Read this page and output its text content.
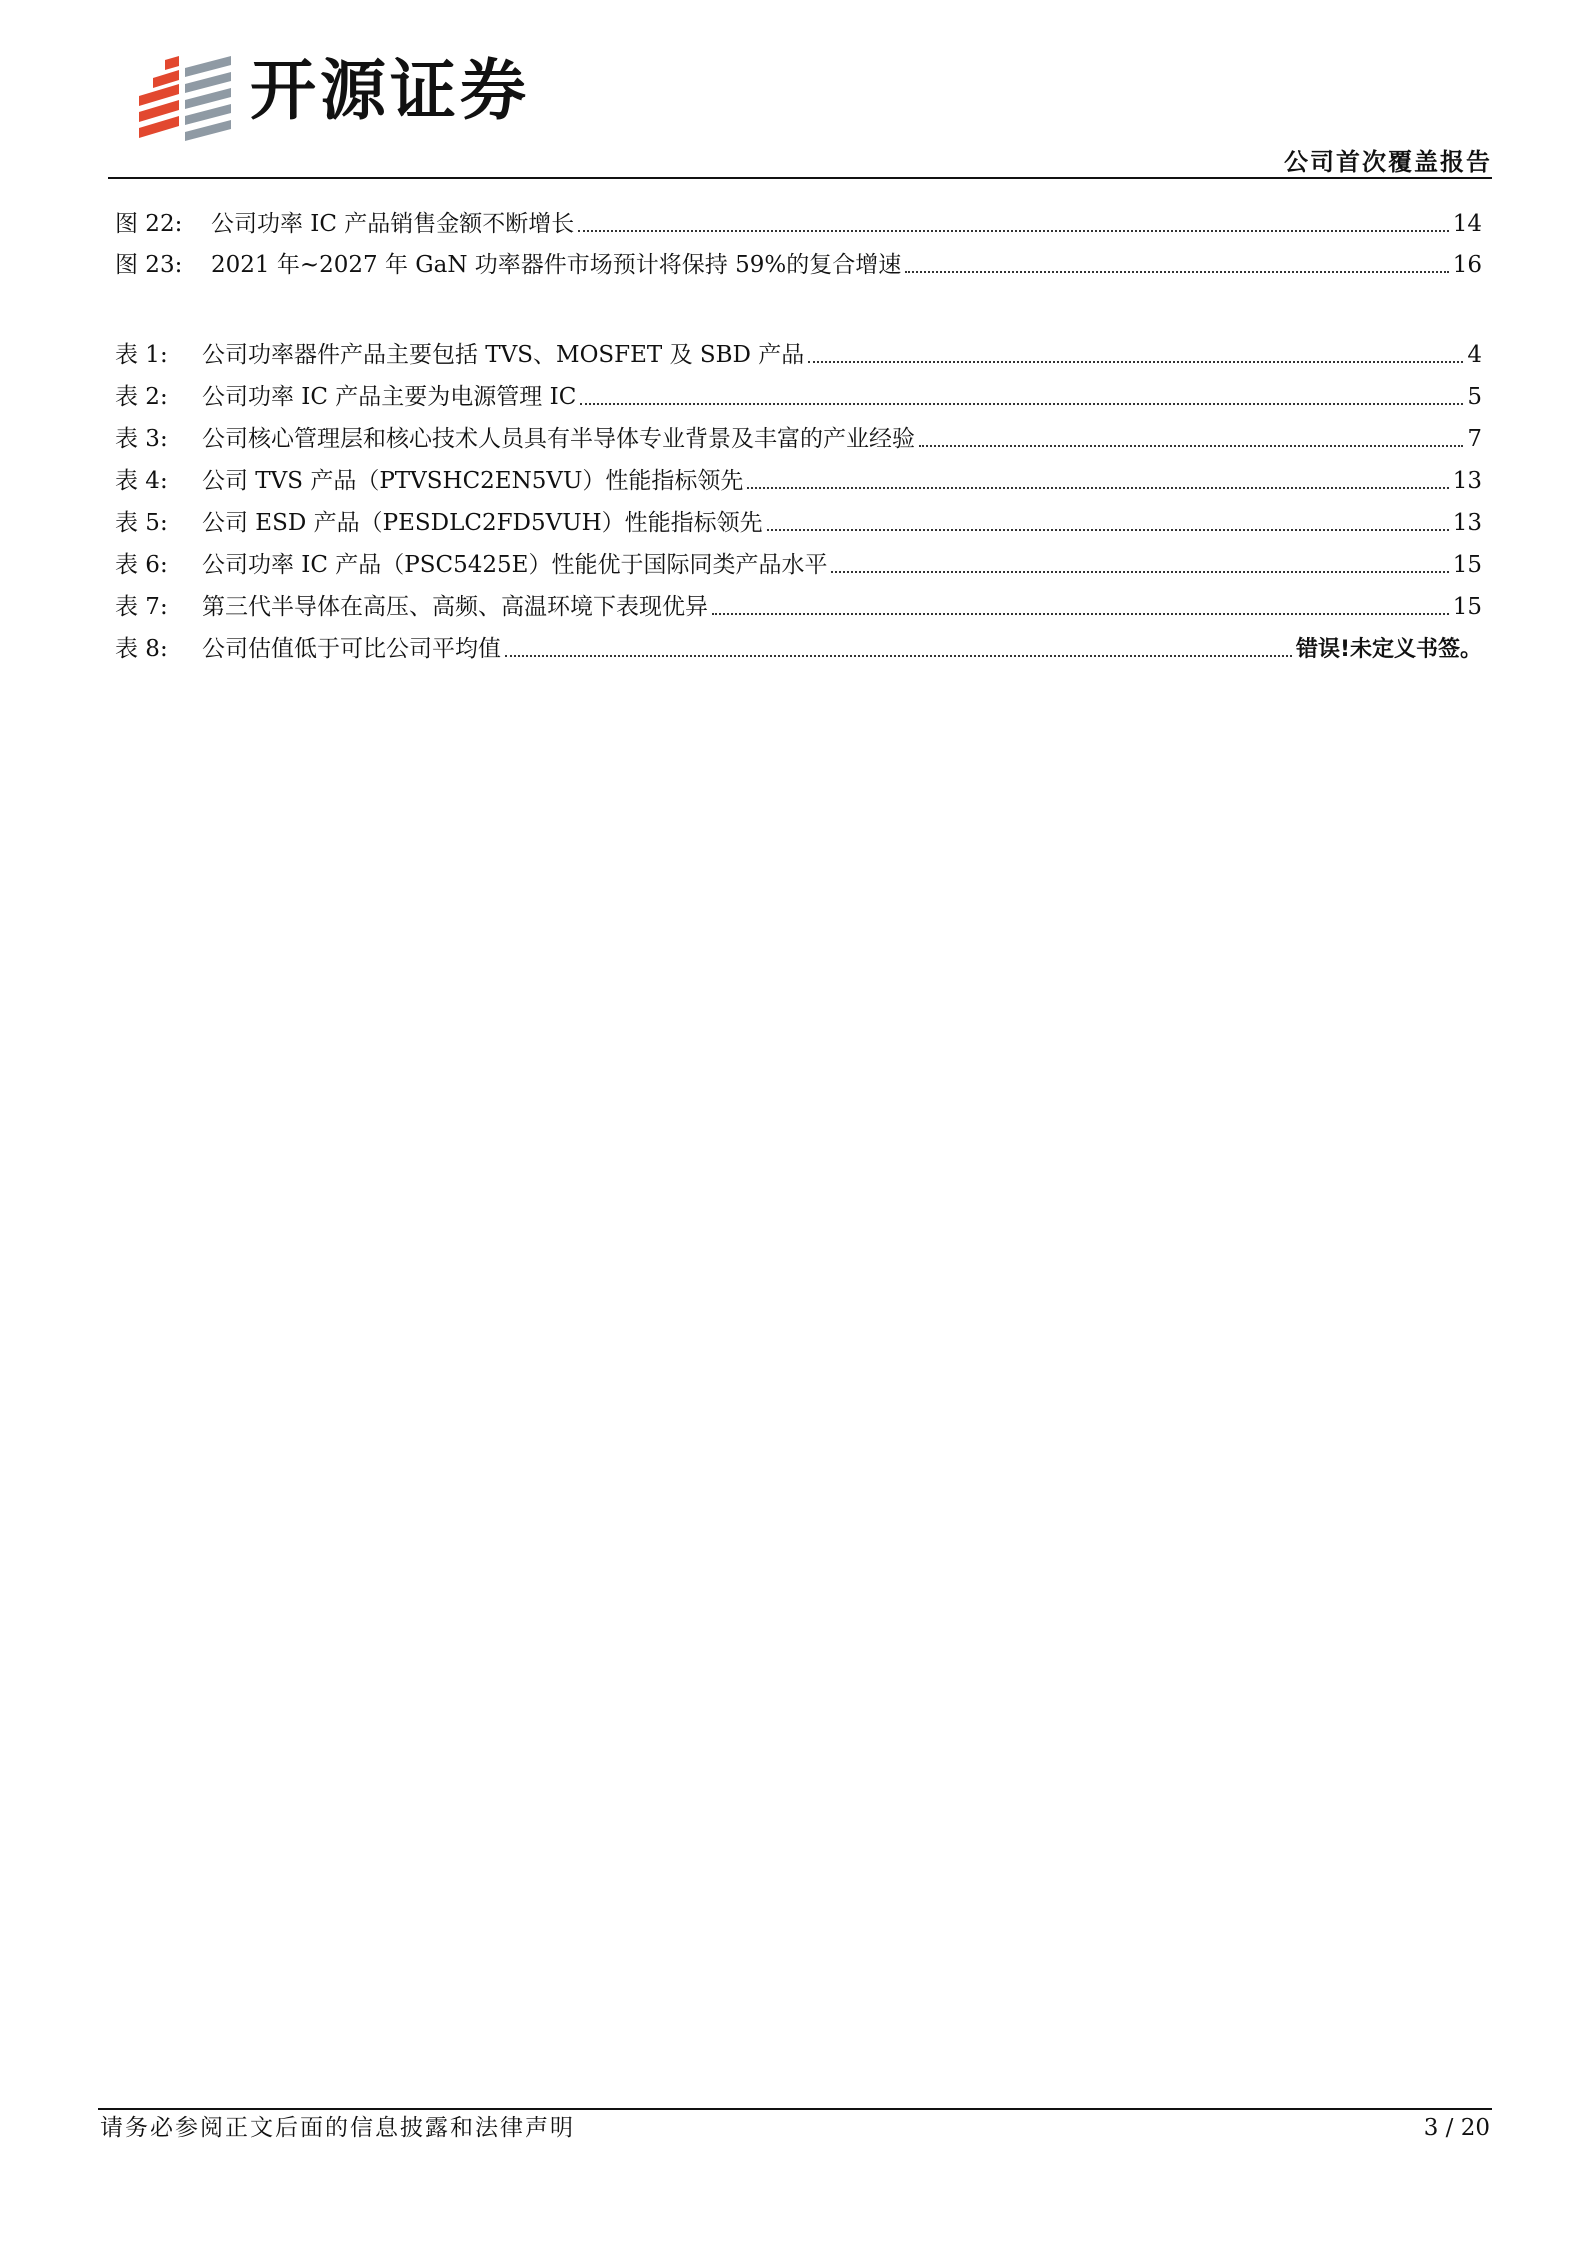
开源证券
公司首次覆盖报告
图 22:	公司功率 IC 产品销售金额不断增长	14
图 23:	2021 年~2027 年 GaN 功率器件市场预计将保持 59%的复合增速	16
表 1:	公司功率器件产品主要包括 TVS、MOSFET 及 SBD 产品	4
表 2:	公司功率 IC 产品主要为电源管理 IC	5
表 3:	公司核心管理层和核心技术人员具有半导体专业背景及丰富的产业经验	7
表 4:	公司 TVS 产品（PTVSHC2EN5VU）性能指标领先	13
表 5:	公司 ESD 产品（PESDLC2FD5VUH）性能指标领先	13
表 6:	公司功率 IC 产品（PSC5425E）性能优于国际同类产品水平	15
表 7:	第三代半导体在高压、高频、高温环境下表现优异	15
表 8:	公司估值低于可比公司平均值	错误!未定义书签。
请务必参阅正文后面的信息披露和法律声明	3 / 20
